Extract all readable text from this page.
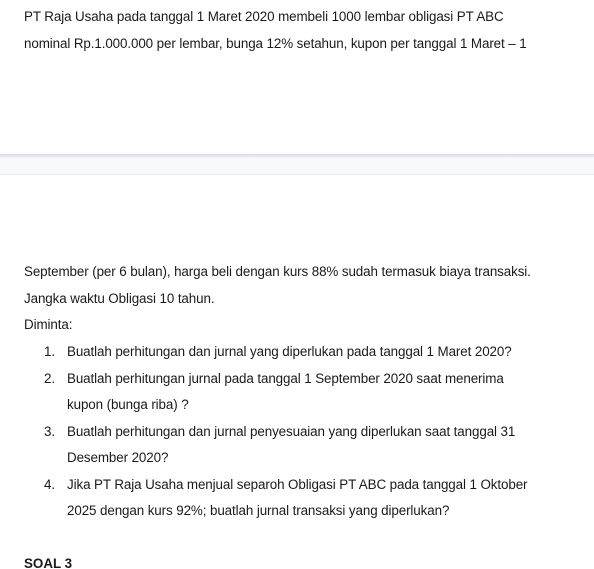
PT Raja Usaha pada tanggal 1 Maret 2020 membeli 1000 lembar obligasi PT ABC
nominal Rp.1.000.000 per lembar, bunga 12% setahun, kupon per tanggal 1 Maret – 1

September (per 6 bulan), harga beli dengan kurs 88% sudah termasuk biaya transaksi.
Jangka waktu Obligasi 10 tahun.
Diminta:

1. Buatlah perhitungan dan jurnal yang diperlukan pada tanggal 1 Maret 2020?
2. Buatlah perhitungan jurnal pada tanggal 1 September 2020 saat menerima
kupon (bunga riba) ?
3. Buatlah perhitungan dan jurnal penyesuaian yang diperlukan saat tanggal 31
Desember 2020?
4. Jika PT Raja Usaha menjual separoh Obligasi PT ABC pada tanggal 1 Oktober
2025 dengan kurs 92%; buatlah jurnal transaksi yang diperlukan?

SOAL 3
